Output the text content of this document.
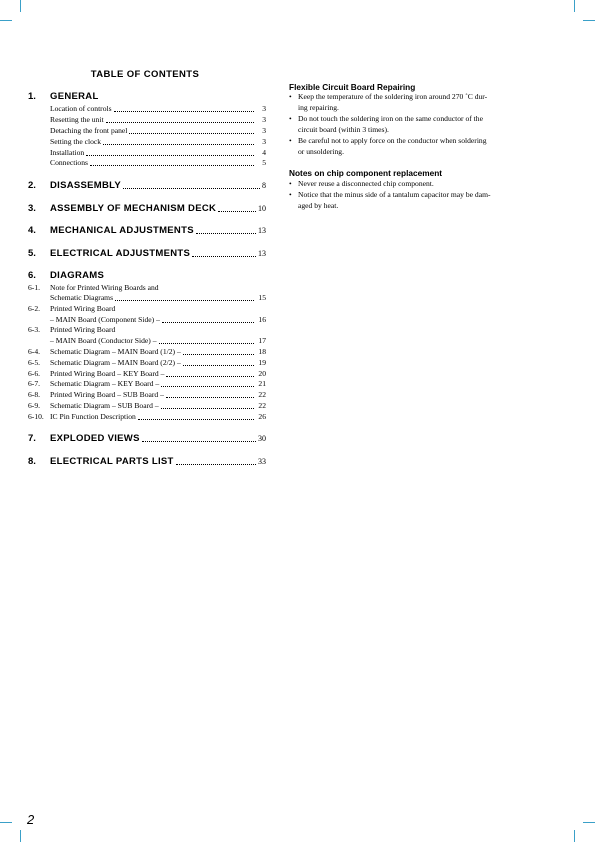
TABLE OF CONTENTS
1.	GENERAL
Location of controls	3
Resetting the unit	3
Detaching the front panel	3
Setting the clock	3
Installation	4
Connections	5
2.	DISASSEMBLY	8
3.	ASSEMBLY OF MECHANISM DECK	10
4.	MECHANICAL ADJUSTMENTS	13
5.	ELECTRICAL ADJUSTMENTS	13
6.	DIAGRAMS
6-1.	Note for Printed Wiring Boards and
Schematic Diagrams	15
6-2.	Printed Wiring Board
– MAIN Board (Component Side) –	16
6-3.	Printed Wiring Board
– MAIN Board (Conductor Side) –	17
6-4.	Schematic Diagram – MAIN Board (1/2) –	18
6-5.	Schematic Diagram – MAIN Board (2/2) –	19
6-6.	Printed Wiring Board – KEY Board –	20
6-7.	Schematic Diagram – KEY Board –	21
6-8.	Printed Wiring Board – SUB Board –	22
6-9.	Schematic Diagram – SUB Board –	22
6-10. IC Pin Function Description	26
7.	EXPLODED VIEWS	30
8.	ELECTRICAL PARTS LIST	33
Flexible Circuit Board Repairing
• Keep the temperature of the soldering iron around 270 ˚C dur-
ing repairing.
• Do not touch the soldering iron on the same conductor of the
circuit board (within 3 times).
• Be careful not to apply force on the conductor when soldering
or unsoldering.
Notes on chip component replacement
• Never reuse a disconnected chip component.
• Notice that the minus side of a tantalum capacitor may be dam-
aged by heat.
2
